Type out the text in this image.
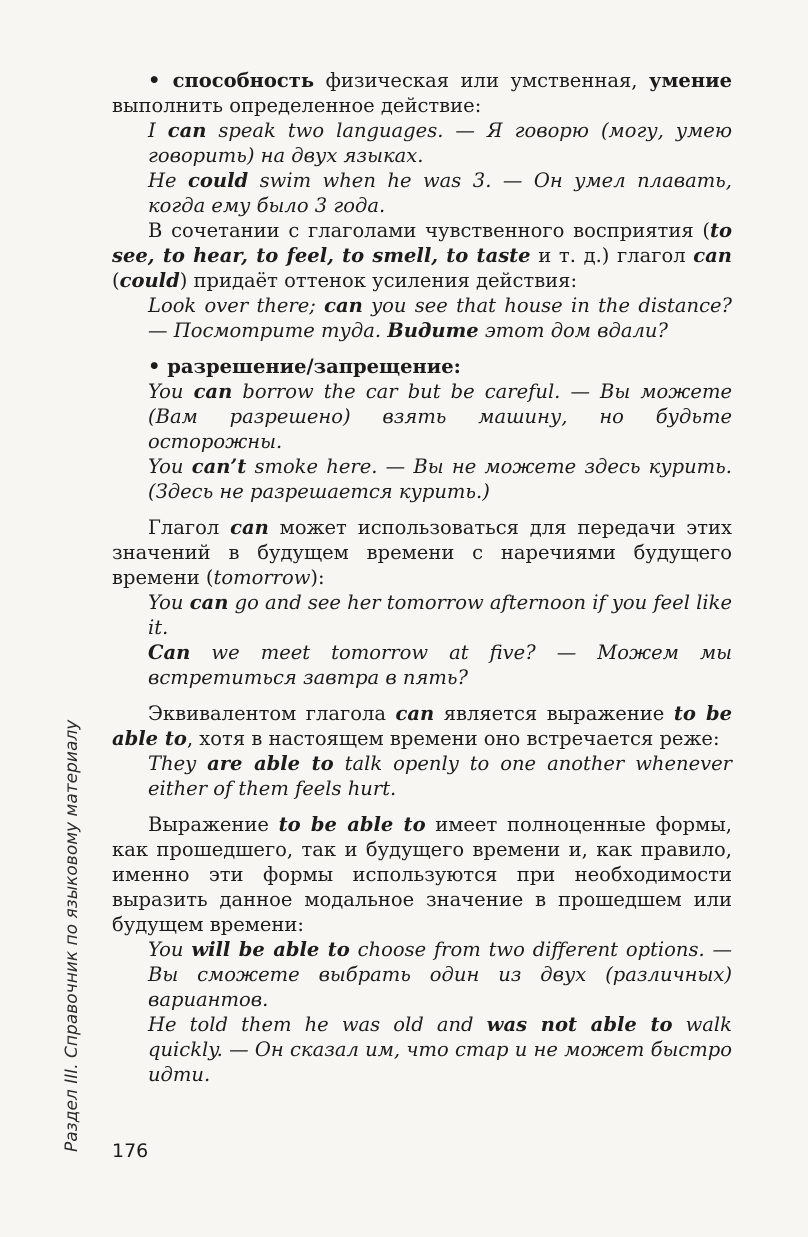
• способность физическая или умственная, умение выполнить определенное действие:

I can speak two languages. — Я говорю (могу, умею говорить) на двух языках.

He could swim when he was 3. — Он умел плавать, когда ему было 3 года.

В сочетании с глаголами чувственного восприятия (to see, to hear, to feel, to smell, to taste и т. д.) глагол can (could) придаёт оттенок усиления действия:

Look over there; can you see that house in the distance? — Посмотрите туда. Видите этот дом вдали?

• разрешение/запрещение:

You can borrow the car but be careful. — Вы можете (Вам разрешено) взять машину, но будьте осторожны.

You can’t smoke here. — Вы не можете здесь курить. (Здесь не разрешается курить.)

Глагол can может использоваться для передачи этих значений в будущем времени с наречиями будущего времени (tomorrow):

You can go and see her tomorrow afternoon if you feel like it.

Can we meet tomorrow at five? — Можем мы встретиться завтра в пять?

Эквивалентом глагола can является выражение to be able to, хотя в настоящем времени оно встречается реже:

They are able to talk openly to one another whenever either of them feels hurt.

Выражение to be able to имеет полноценные формы, как прошедшего, так и будущего времени и, как правило, именно эти формы используются при необходимости выразить данное модальное значение в прошедшем или будущем времени:

You will be able to choose from two different options. — Вы сможете выбрать один из двух (различных) вариантов.

He told them he was old and was not able to walk quickly. — Он сказал им, что стар и не может быстро идти.

Раздел III. Справочник по языковому материалу 176
